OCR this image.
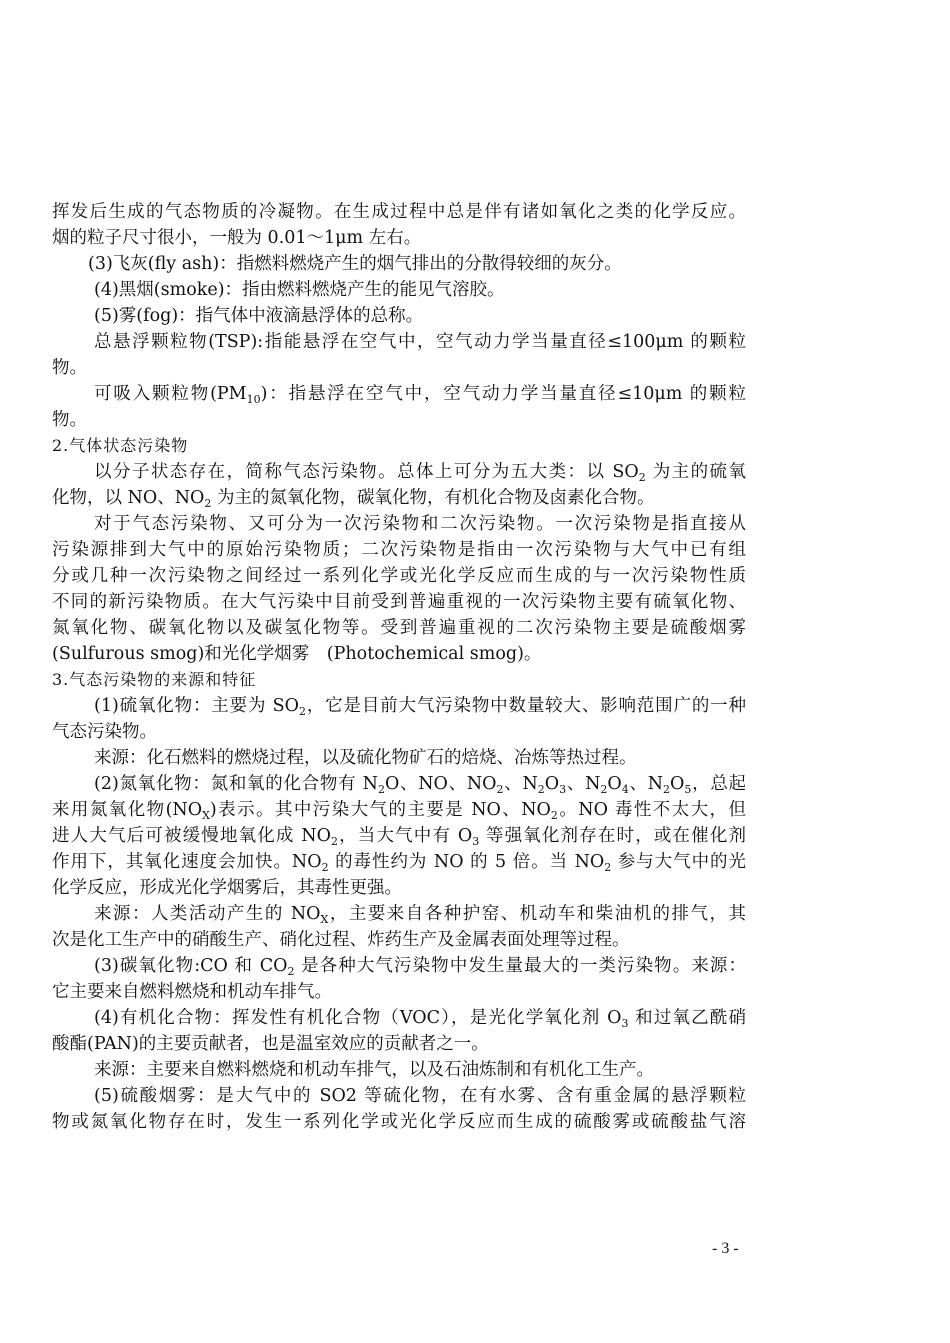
挥发后生成的气态物质的冷凝物。在生成过程中总是伴有诸如氧化之类的化学反应。
烟的粒子尺寸很小，一般为 0.01～1μm 左右。

(3)飞灰(fly ash)：指燃料燃烧产生的烟气排出的分散得较细的灰分。

(4)黑烟(smoke)：指由燃料燃烧产生的能见气溶胶。

(5)雾(fog)：指气体中液滴悬浮体的总称。

总悬浮颗粒物(TSP):指能悬浮在空气中，空气动力学当量直径≤100μm 的颗粒
物。

可吸入颗粒物$(PM_{10})$：指悬浮在空气中，空气动力学当量直径≤10μm 的颗粒
物。

2.气体状态污染物

以分子状态存在，简称气态污染物。总体上可分为五大类：以 $SO_2$ 为主的硫氧
化物，以 NO、$NO_2$ 为主的氮氧化物，碳氧化物，有机化合物及卤素化合物。

对于气态污染物、又可分为一次污染物和二次污染物。一次污染物是指直接从
污染源排到大气中的原始污染物质；二次污染物是指由一次污染物与大气中已有组
分或几种一次污染物之间经过一系列化学或光化学反应而生成的与一次污染物性质
不同的新污染物质。在大气污染中目前受到普遍重视的一次污染物主要有硫氧化物、
氮氧化物、碳氧化物以及碳氢化物等。受到普遍重视的二次污染物主要是硫酸烟雾
(Sulfurous smog)和光化学烟雾　(Photochemical smog)。

3.气态污染物的来源和特征

(1)硫氧化物：主要为 $SO_2$，它是目前大气污染物中数量较大、影响范围广的一种
气态污染物。

来源：化石燃料的燃烧过程，以及硫化物矿石的焙烧、冶炼等热过程。

(2)氮氧化物：氮和氧的化合物有 $N_2O$、NO、$NO_2$、$N_2O_3$、$N_2O_4$、$N_2O_5$，总起
来用氮氧化物$(NO_X)$表示。其中污染大气的主要是 NO、$NO_2$。NO 毒性不太大，但
进人大气后可被缓慢地氧化成 $NO_2$，当大气中有 $O_3$ 等强氧化剂存在时，或在催化剂
作用下，其氧化速度会加快。$NO_2$ 的毒性约为 NO 的 5 倍。当 $NO_2$ 参与大气中的光
化学反应，形成光化学烟雾后，其毒性更强。

来源：人类活动产生的 $NO_X$，主要来自各种护窑、机动车和柴油机的排气，其
次是化工生产中的硝酸生产、硝化过程、炸药生产及金属表面处理等过程。

(3)碳氧化物:CO 和 $CO_2$ 是各种大气污染物中发生量最大的一类污染物。来源：
它主要来自燃料燃烧和机动车排气。

(4)有机化合物：挥发性有机化合物（VOC），是光化学氧化剂 $O_3$ 和过氧乙酰硝
酸酯(PAN)的主要贡献者，也是温室效应的贡献者之一。

来源：主要来自燃料燃烧和机动车排气，以及石油炼制和有机化工生产。

(5)硫酸烟雾：是大气中的 SO2 等硫化物，在有水雾、含有重金属的悬浮颗粒
物或氮氧化物存在时，发生一系列化学或光化学反应而生成的硫酸雾或硫酸盐气溶

- 3 -
